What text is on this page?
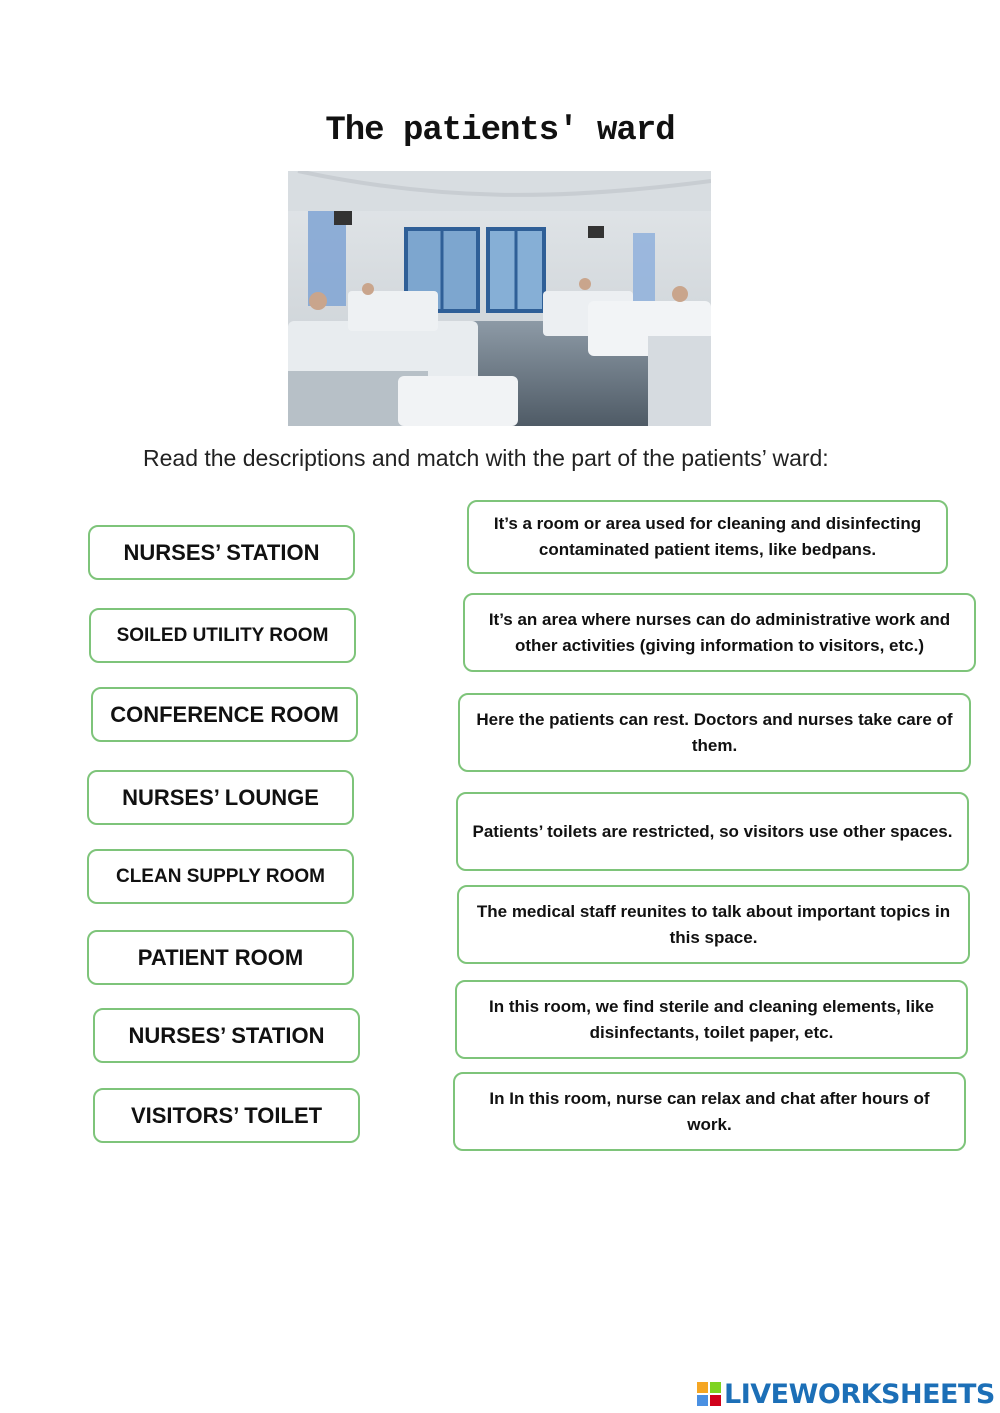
The patients' ward
Read the descriptions and match with the part of the patients’ ward:
NURSES’ STATION
SOILED UTILITY ROOM
CONFERENCE ROOM
NURSES’ LOUNGE
CLEAN SUPPLY ROOM
PATIENT ROOM
NURSES’ STATION
VISITORS’ TOILET
It’s a room or area used for cleaning and disinfecting contaminated patient items, like bedpans.
It’s an area where nurses can do administrative work and other activities (giving information to visitors, etc.)
Here the patients can rest. Doctors and nurses take care of them.
Patients’ toilets are restricted, so visitors use other spaces.
The medical staff reunites to talk about important topics in this space.
In this room, we find sterile and cleaning elements, like disinfectants, toilet paper, etc.
In In this room, nurse can relax and chat after hours of work.
LIVEWORKSHEETS
